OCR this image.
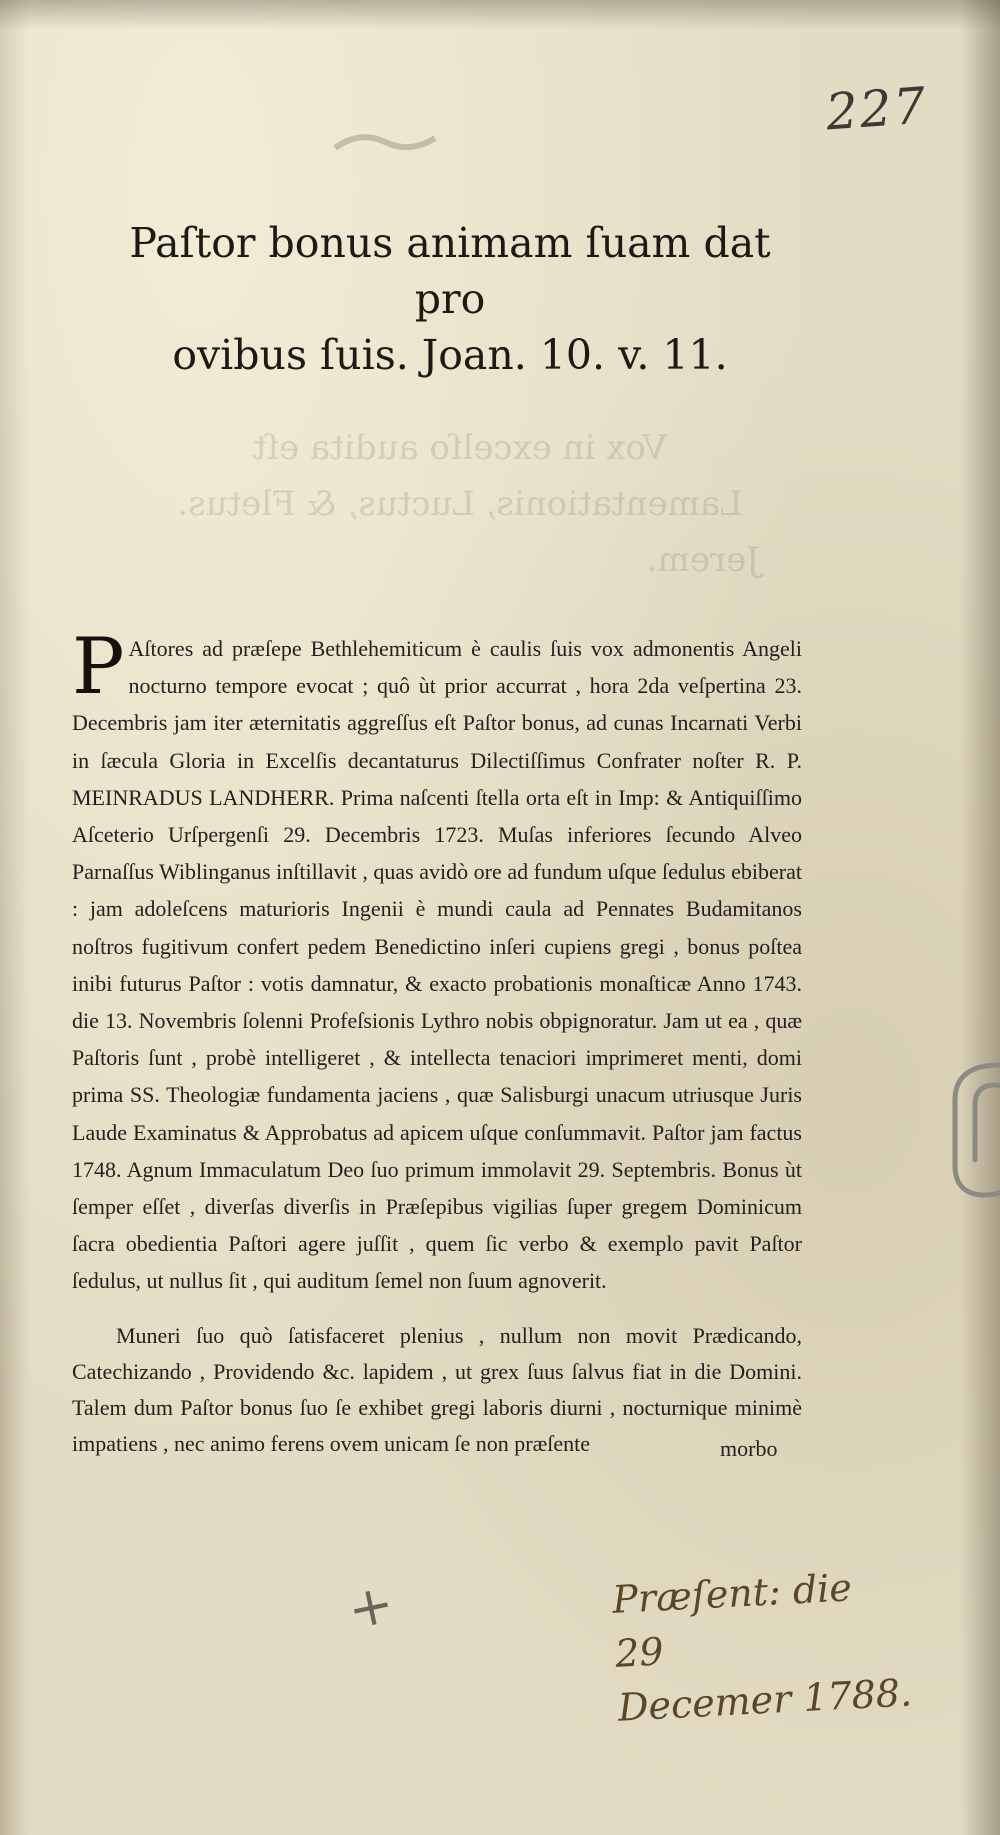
227
Vox in excelſo audita eſt
Lamentationis, Luctus, & Fletus.

Jerem.
Paſtor bonus animam ſuam dat pro
ovibus ſuis. Joan. 10. v. 11.
P Aſtores ad præſepe Bethlehemiticum è caulis ſuis vox admonentis Angeli nocturno tempore evocat ; quô ùt prior accurrat , hora 2da veſpertina 23. Decembris jam iter æternitatis aggreſſus eſt Paſtor bonus, ad cunas Incarnati Verbi in ſæcula Gloria in Excelſis decantaturus Dilectiſſimus Confrater noſter R. P. MEINRADUS LANDHERR. Prima naſcenti ſtella orta eſt in Imp: & Antiquiſſimo Aſceterio Urſpergenſi 29. Decembris 1723. Muſas inferiores ſecundo Alveo Parnaſſus Wiblinganus inſtillavit , quas avidò ore ad fundum uſque ſedulus ebiberat : jam adoleſcens maturioris Ingenii è mundi caula ad Pennates Budamitanos noſtros fugitivum confert pedem Benedictino inſeri cupiens gregi , bonus poſtea inibi futurus Paſtor : votis damnatur, & exacto probationis monaſticæ Anno 1743. die 13. Novembris ſolenni Profeſsionis Lythro nobis obpignoratur. Jam ut ea , quæ Paſtoris ſunt , probè intelligeret , & intellecta tenaciori imprimeret menti, domi prima SS. Theologiæ fundamenta jaciens , quæ Salisburgi unacum utriusque Juris Laude Examinatus & Approbatus ad apicem uſque conſummavit. Paſtor jam factus 1748. Agnum Immaculatum Deo ſuo primum immolavit 29. Septembris. Bonus ùt ſemper eſſet , diverſas diverſis in Præſepibus vigilias ſuper gregem Dominicum ſacra obedientia Paſtori agere juſſit , quem ſic verbo & exemplo pavit Paſtor ſedulus, ut nullus ſit , qui auditum ſemel non ſuum agnoverit.
Muneri ſuo quò ſatisfaceret plenius , nullum non movit Prædicando, Catechizando , Providendo &c. lapidem , ut grex ſuus ſalvus fiat in die Domini. Talem dum Paſtor bonus ſuo ſe exhibet gregi laboris diurni , nocturnique minimè impatiens , nec animo ferens ovem unicam ſe non præſente	morbo
+	Præſent: die 29
Decemer 1788.
